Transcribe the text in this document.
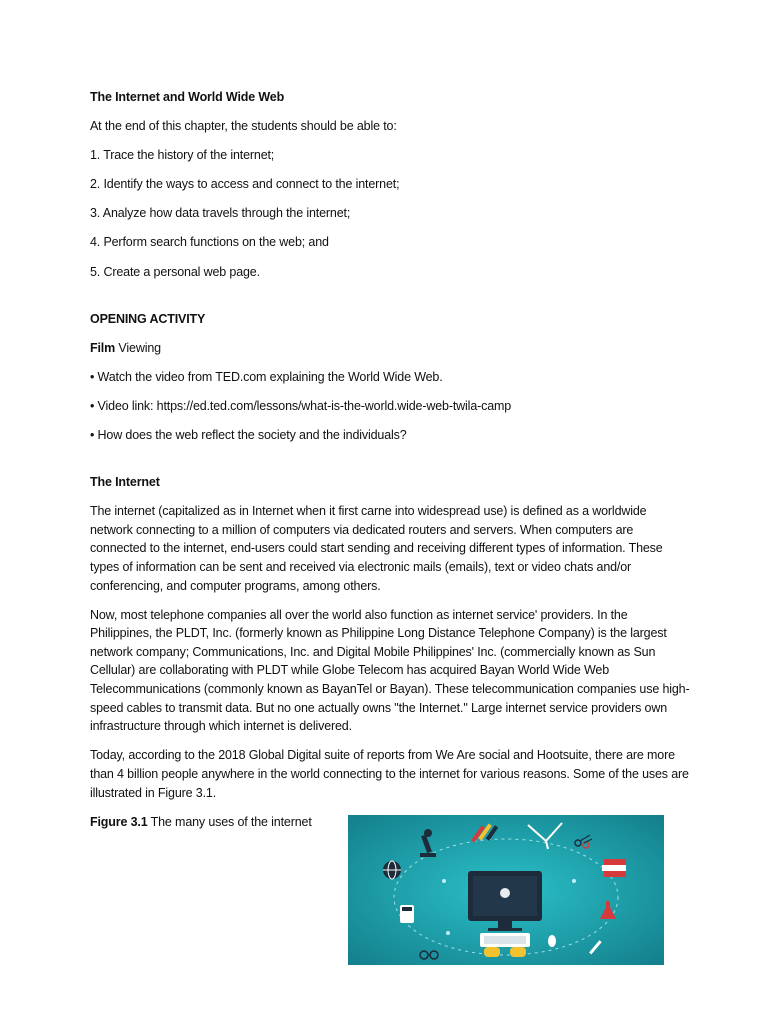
The Internet and World Wide Web
At the end of this chapter, the students should be able to:
1. Trace the history of the internet;
2. Identify the ways to access and connect to the internet;
3. Analyze how data travels through the internet;
4. Perform search functions on the web; and
5. Create a personal web page.
OPENING ACTIVITY
Film Viewing
• Watch the video from TED.com explaining the World Wide Web.
• Video link: https://ed.ted.com/lessons/what-is-the-world.wide-web-twila-camp
• How does the web reflect the society and the individuals?
The Internet

The internet (capitalized as in Internet when it first carne into widespread use) is defined as a worldwide network connecting to a million of computers via dedicated routers and servers. When computers are connected to the internet, end-users could start sending and receiving different types of information. These types of information can be sent and received via electronic mails (emails), text or video chats and/or conferencing, and computer programs, among others.

Now, most telephone companies all over the world also function as internet service' providers. In the Philippines, the PLDT, Inc. (formerly known as Philippine Long Distance Telephone Company) is the largest network company; Communications, Inc. and Digital Mobile Philippines' Inc. (commercially known as Sun Cellular) are collaborating with PLDT while Globe Telecom has acquired Bayan World Wide Web Telecommunications (commonly known as BayanTel or Bayan). These telecommunication companies use high-speed cables to transmit data. But no one actually owns "the Internet." Large internet service providers own infrastructure through which internet is delivered.

Today, according to the 2018 Global Digital suite of reports from We Are social and Hootsuite, there are more than 4 billion people anywhere in the world connecting to the internet for various reasons. Some of the uses are illustrated in Figure 3.1.

Figure 3.1 The many uses of the internet
